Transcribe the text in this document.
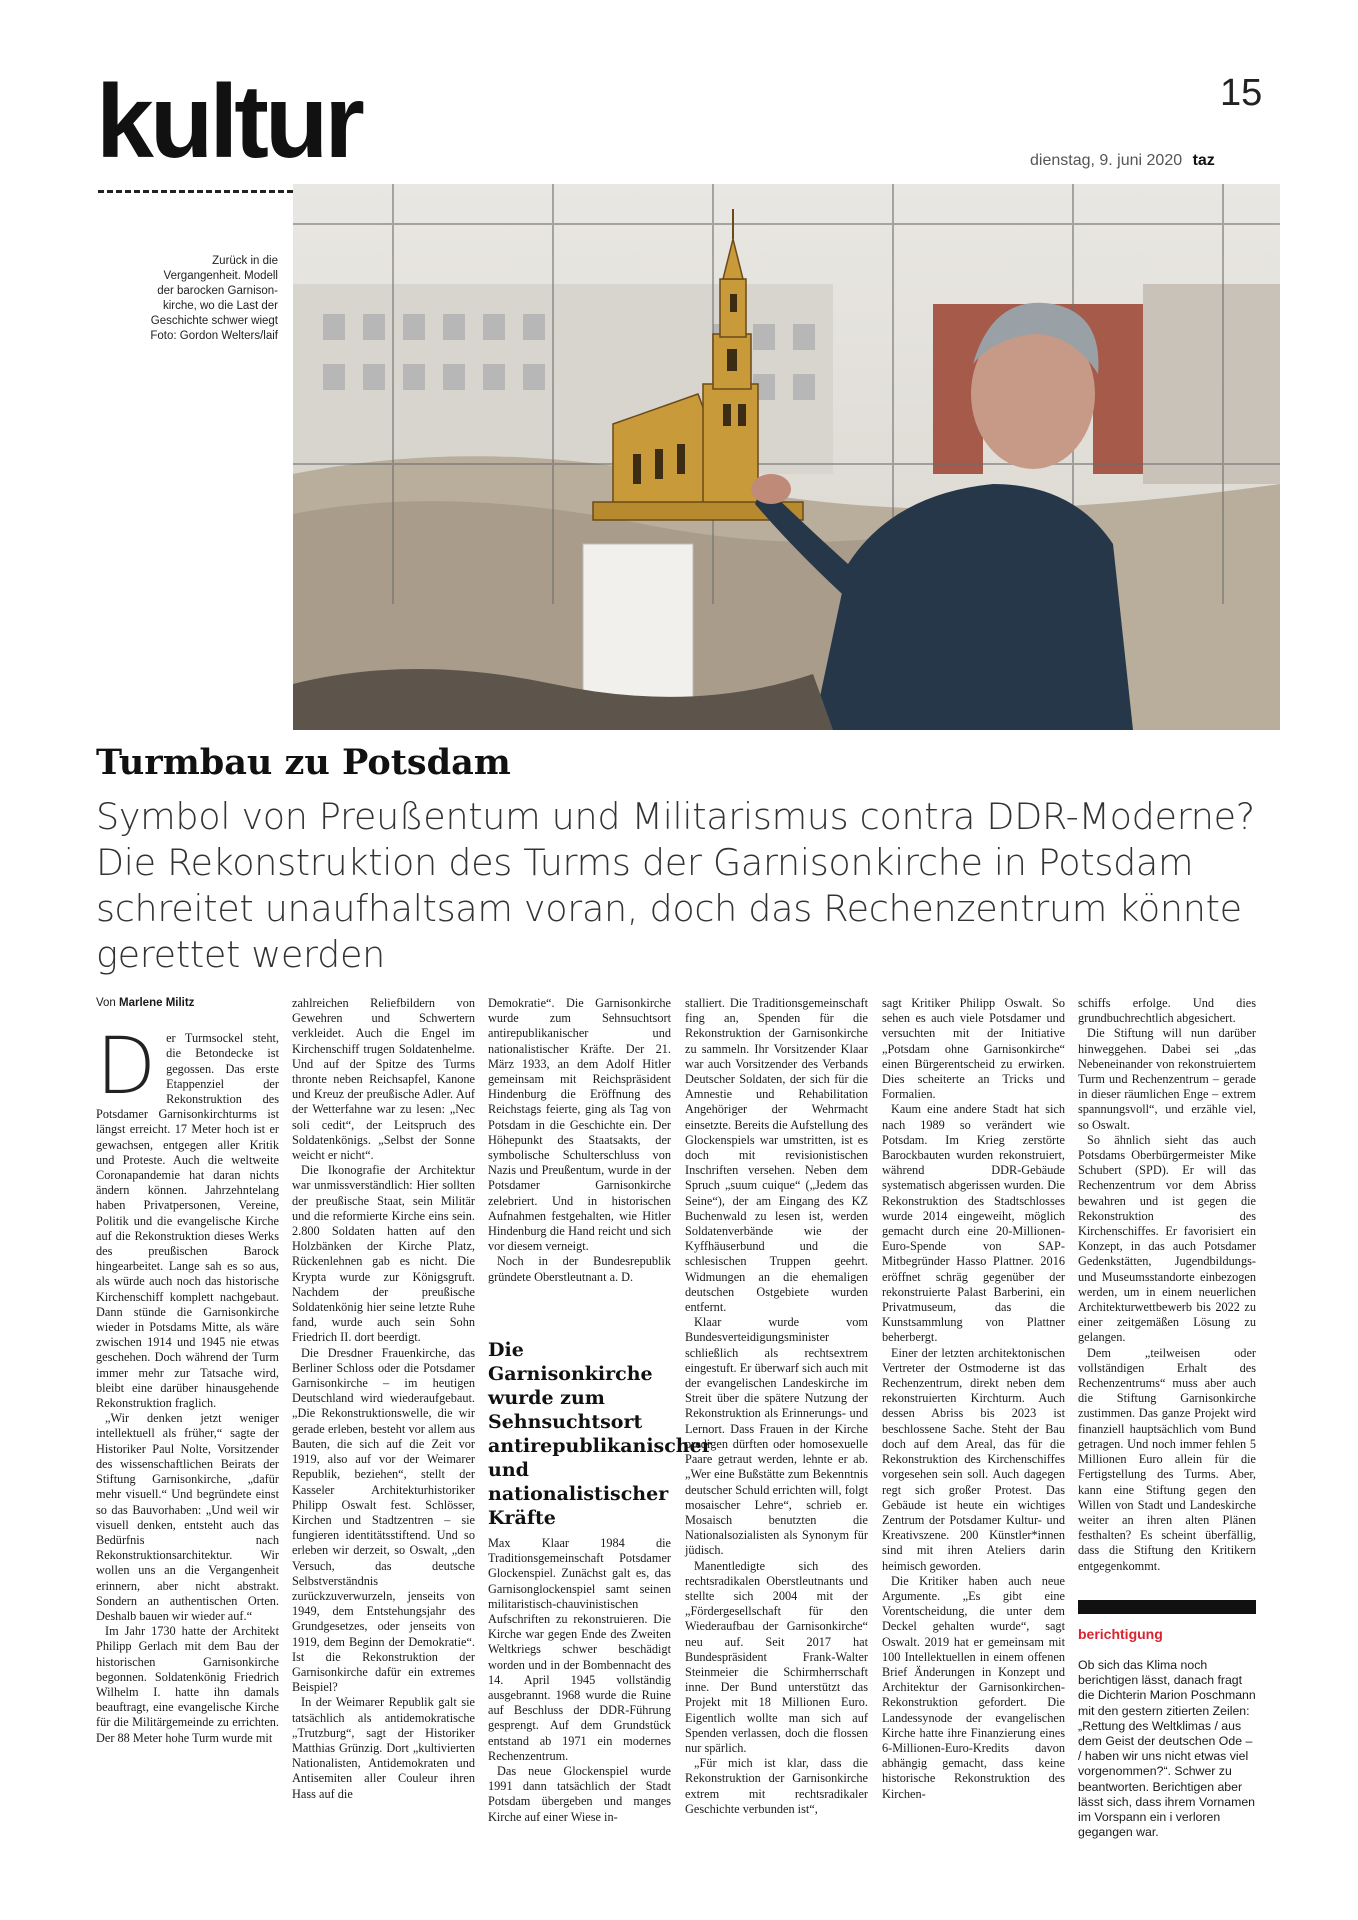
kultur	15
dienstag, 9. juni 2020 taz
Zurück in die Vergangenheit. Modell der barocken Garnison-kirche, wo die Last der Geschichte schwer wiegt
Foto: Gordon Welters/laif
Turmbau zu Potsdam
Symbol von Preußentum und Militarismus contra DDR-Moderne? Die Rekonstruktion des Turms der Garnisonkirche in Potsdam schreitet unaufhaltsam voran, doch das Rechenzentrum könnte gerettet werden
Von Marlene Militz

Der Turmsockel steht, die Betondecke ist gegossen. Das erste Etappenziel der Rekonstruktion des Potsdamer Garnisonkirchturms ist längst erreicht. 17 Meter hoch ist er gewachsen, entgegen aller Kritik und Proteste. Auch die weltweite Coronapandemie hat daran nichts ändern können. Jahrzehntelang haben Privatpersonen, Vereine, Politik und die evangelische Kirche auf die Rekonstruktion dieses Werks des preußischen Barock hingearbeitet. Lange sah es so aus, als würde auch noch das historische Kirchenschiff komplett nachgebaut. Dann stünde die Garnisonkirche wieder in Potsdams Mitte, als wäre zwischen 1914 und 1945 nie etwas geschehen. Doch während der Turm immer mehr zur Tatsache wird, bleibt eine darüber hinausgehende Rekonstruktion fraglich.

„Wir denken jetzt weniger intellektuell als früher,“ sagte der Historiker Paul Nolte, Vorsitzender des wissenschaftlichen Beirats der Stiftung Garnisonkirche, „dafür mehr visuell.“ Und begründete einst so das Bauvorhaben: „Und weil wir visuell denken, entsteht auch das Bedürfnis nach Rekonstruktionsarchitektur. Wir wollen uns an die Vergangenheit erinnern, aber nicht abstrakt. Sondern an authentischen Orten. Deshalb bauen wir wieder auf.“

Im Jahr 1730 hatte der Architekt Philipp Gerlach mit dem Bau der historischen Garnisonkirche begonnen. Soldatenkönig Friedrich Wilhelm I. hatte ihn damals beauftragt, eine evangelische Kirche für die Militärgemeinde zu errichten. Der 88 Meter hohe Turm wurde mit

zahlreichen Reliefbildern von Gewehren und Schwertern verkleidet. Auch die Engel im Kirchenschiff trugen Soldatenhelme. Und auf der Spitze des Turms thronte neben Reichsapfel, Kanone und Kreuz der preußische Adler. Auf der Wetterfahne war zu lesen: „Nec soli cedit“, der Leitspruch des Soldatenkönigs. „Selbst der Sonne weicht er nicht“.

Die Ikonografie der Architektur war unmissverständlich: Hier sollten der preußische Staat, sein Militär und die reformierte Kirche eins sein. 2.800 Soldaten hatten auf den Holzbänken der Kirche Platz, Rückenlehnen gab es nicht. Die Krypta wurde zur Königsgruft. Nachdem der preußische Soldatenkönig hier seine letzte Ruhe fand, wurde auch sein Sohn Friedrich II. dort beerdigt.

Die Dresdner Frauenkirche, das Berliner Schloss oder die Potsdamer Garnisonkirche – im heutigen Deutschland wird wiederaufgebaut. „Die Rekonstruktionswelle, die wir gerade erleben, besteht vor allem aus Bauten, die sich auf die Zeit vor 1919, also auf vor der Weimarer Republik, beziehen“, stellt der Kasseler Architekturhistoriker Philipp Oswalt fest. Schlösser, Kirchen und Stadtzentren – sie fungieren identitätsstiftend. Und so erleben wir derzeit, so Oswalt, „den Versuch, das deutsche Selbstverständnis zurückzuverwurzeln, jenseits von 1949, dem Entstehungsjahr des Grundgesetzes, oder jenseits von 1919, dem Beginn der Demokratie“. Ist die Rekonstruktion der Garnisonkirche dafür ein extremes Beispiel?

In der Weimarer Republik galt sie tatsächlich als antidemokratische „Trutzburg“, sagt der Historiker Matthias Grünzig. Dort „kultivierten Nationalisten, Antidemokraten und Antisemiten aller Couleur ihren Hass auf die

Demokratie“. Die Garnisonkirche wurde zum Sehnsuchtsort antirepublikanischer und nationalistischer Kräfte. Der 21. März 1933, an dem Adolf Hitler gemeinsam mit Reichspräsident Hindenburg die Eröffnung des Reichstags feierte, ging als Tag von Potsdam in die Geschichte ein. Der Höhepunkt des Staatsakts, der symbolische Schulterschluss von Nazis und Preußentum, wurde in der Potsdamer Garnisonkirche zelebriert. Und in historischen Aufnahmen festgehalten, wie Hitler Hindenburg die Hand reicht und sich vor diesem verneigt.

Noch in der Bundesrepublik gründete Oberstleutnant a. D.

Die Garnisonkirche wurde zum Sehnsuchtsort antirepublikanischer und nationalistischer Kräfte

Max Klaar 1984 die Traditionsgemeinschaft Potsdamer Glockenspiel. Zunächst galt es, das Garnisonglockenspiel samt seinen militaristisch-chauvinistischen Aufschriften zu rekonstruieren. Die Kirche war gegen Ende des Zweiten Weltkriegs schwer beschädigt worden und in der Bombennacht des 14. April 1945 vollständig ausgebrannt. 1968 wurde die Ruine auf Beschluss der DDR-Führung gesprengt. Auf dem Grundstück entstand ab 1971 ein modernes Rechenzentrum.

Das neue Glockenspiel wurde 1991 dann tatsächlich der Stadt Potsdam übergeben und manges Kirche auf einer Wiese in-

stalliert. Die Traditionsgemeinschaft fing an, Spenden für die Rekonstruktion der Garnisonkirche zu sammeln. Ihr Vorsitzender Klaar war auch Vorsitzender des Verbands Deutscher Soldaten, der sich für die Amnestie und Rehabilitation Angehöriger der Wehrmacht einsetzte. Bereits die Aufstellung des Glockenspiels war umstritten, ist es doch mit revisionistischen Inschriften versehen. Neben dem Spruch „suum cuique“ („Jedem das Seine“), der am Eingang des KZ Buchenwald zu lesen ist, werden Soldatenverbände wie der Kyffhäuserbund und die schlesischen Truppen geehrt. Widmungen an die ehemaligen deutschen Ostgebiete wurden entfernt.

Klaar wurde vom Bundesverteidigungsminister schließlich als rechtsextrem eingestuft. Er überwarf sich auch mit der evangelischen Landeskirche im Streit über die spätere Nutzung der Rekonstruktion als Erinnerungs- und Lernort. Dass Frauen in der Kirche predigen dürften oder homosexuelle Paare getraut werden, lehnte er ab. „Wer eine Bußstätte zum Bekenntnis deutscher Schuld errichten will, folgt mosaischer Lehre“, schrieb er. Mosaisch benutzten die Nationalsozialisten als Synonym für jüdisch.

Manentledigte sich des rechtsradikalen Oberstleutnants und stellte sich 2004 mit der „Fördergesellschaft für den Wiederaufbau der Garnisonkirche“ neu auf. Seit 2017 hat Bundespräsident Frank-Walter Steinmeier die Schirmherrschaft inne. Der Bund unterstützt das Projekt mit 18 Millionen Euro. Eigentlich wollte man sich auf Spenden verlassen, doch die flossen nur spärlich.

„Für mich ist klar, dass die Rekonstruktion der Garnisonkirche extrem mit rechtsradikaler Geschichte verbunden ist“,

sagt Kritiker Philipp Oswalt. So sehen es auch viele Potsdamer und versuchten mit der Initiative „Potsdam ohne Garnisonkirche“ einen Bürgerentscheid zu erwirken. Dies scheiterte an Tricks und Formalien.

Kaum eine andere Stadt hat sich nach 1989 so verändert wie Potsdam. Im Krieg zerstörte Barockbauten wurden rekonstruiert, während DDR-Gebäude systematisch abgerissen wurden. Die Rekonstruktion des Stadtschlosses wurde 2014 eingeweiht, möglich gemacht durch eine 20-Millionen-Euro-Spende von SAP-Mitbegründer Hasso Plattner. 2016 eröffnet schräg gegenüber der rekonstruierte Palast Barberini, ein Privatmuseum, das die Kunstsammlung von Plattner beherbergt.

Einer der letzten architektonischen Vertreter der Ostmoderne ist das Rechenzentrum, direkt neben dem rekonstruierten Kirchturm. Auch dessen Abriss bis 2023 ist beschlossene Sache. Steht der Bau doch auf dem Areal, das für die Rekonstruktion des Kirchenschiffes vorgesehen sein soll. Auch dagegen regt sich großer Protest. Das Gebäude ist heute ein wichtiges Zentrum der Potsdamer Kultur- und Kreativszene. 200 Künstler*innen sind mit ihren Ateliers darin heimisch geworden.

Die Kritiker haben auch neue Argumente. „Es gibt eine Vorentscheidung, die unter dem Deckel gehalten wurde“, sagt Oswalt. 2019 hat er gemeinsam mit 100 Intellektuellen in einem offenen Brief Änderungen in Konzept und Architektur der Garnisonkirchen-Rekonstruktion gefordert. Die Landessynode der evangelischen Kirche hatte ihre Finanzierung eines 6-Millionen-Euro-Kredits davon abhängig gemacht, dass keine historische Rekonstruktion des Kirchen-

schiffs erfolge. Und dies grundbuchrechtlich abgesichert.

Die Stiftung will nun darüber hinweggehen. Dabei sei „das Nebeneinander von rekonstruiertem Turm und Rechenzentrum – gerade in dieser räumlichen Enge – extrem spannungsvoll“, und erzähle viel, so Oswalt.

So ähnlich sieht das auch Potsdams Oberbürgermeister Mike Schubert (SPD). Er will das Rechenzentrum vor dem Abriss bewahren und ist gegen die Rekonstruktion des Kirchenschiffes. Er favorisiert ein Konzept, in das auch Potsdamer Gedenkstätten, Jugendbildungs- und Museumsstandorte einbezogen werden, um in einem neuerlichen Architekturwettbewerb bis 2022 zu einer zeitgemäßen Lösung zu gelangen.

Dem „teilweisen oder vollständigen Erhalt des Rechenzentrums“ muss aber auch die Stiftung Garnisonkirche zustimmen. Das ganze Projekt wird finanziell hauptsächlich vom Bund getragen. Und noch immer fehlen 5 Millionen Euro allein für die Fertigstellung des Turms. Aber, kann eine Stiftung gegen den Willen von Stadt und Landeskirche weiter an ihren alten Plänen festhalten? Es scheint überfällig, dass die Stiftung den Kritikern entgegenkommt.

berichtigung
Ob sich das Klima noch berichtigen lässt, danach fragt die Dichterin Marion Poschmann mit den gestern zitierten Zeilen: „Rettung des Weltklimas / aus dem Geist der deutschen Ode – / haben wir uns nicht etwas viel vorgenommen?“. Schwer zu beantworten. Berichtigen aber lässt sich, dass ihrem Vornamen im Vorspann ein i verloren gegangen war.
